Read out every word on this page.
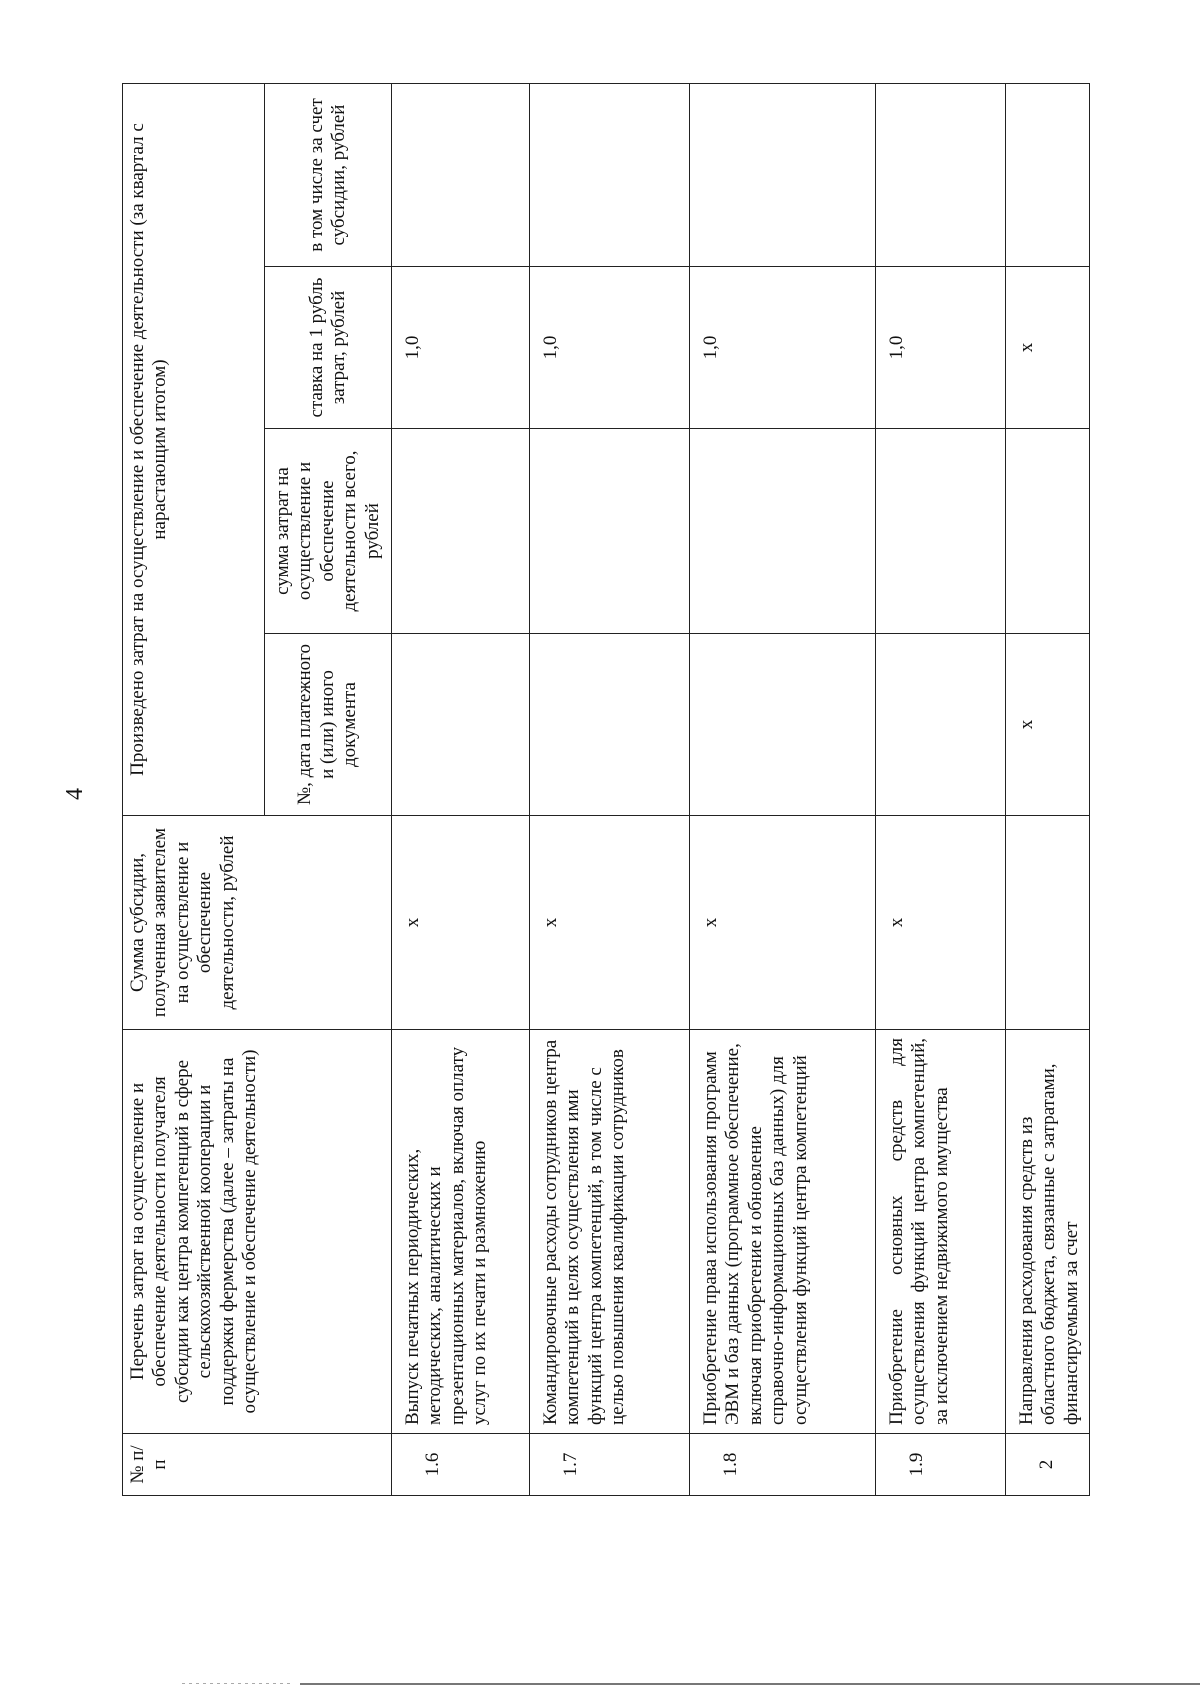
4
№ п/п	Перечень затрат на осуществление и обеспечение деятельности получателя субсидии как центра компетенций в сфере сельскохозяйственной кооперации и поддержки фермерства (далее – затраты на осуществление и обеспечение деятельности)	Сумма субсидии, полученная заявителем на осуществление и обеспечение деятельности, рублей	Произведено затрат на осуществление и обеспечение деятельности (за квартал с нарастающим итогом)			
			№, дата платежного и (или) иного документа	сумма затрат на осуществление и обеспечение деятельности всего, рублей	ставка на 1 рубль затрат, рублей	в том числе за счет субсидии, рублей
1.6	Выпуск печатных периодических, методических, аналитических и презентационных материалов, включая оплату услуг по их печати и размножению	х			1,0	
1.7	Командировочные расходы сотрудников центра компетенций в целях осуществления ими функций центра компетенций, в том числе с целью повышения квалификации сотрудников	х			1,0	
1.8	Приобретение права использования программ ЭВМ и баз данных (программное обеспечение, включая приобретение и обновление справочно-информационных баз данных) для осуществления функций центра компетенций	х			1,0	
1.9	Приобретение основных средств для осуществления функций центра компетенций, за исключением недвижимого имущества	х			1,0	
2	Направления расходования средств из областного бюджета, связанные с затратами, финансируемыми за счет		х		х	
